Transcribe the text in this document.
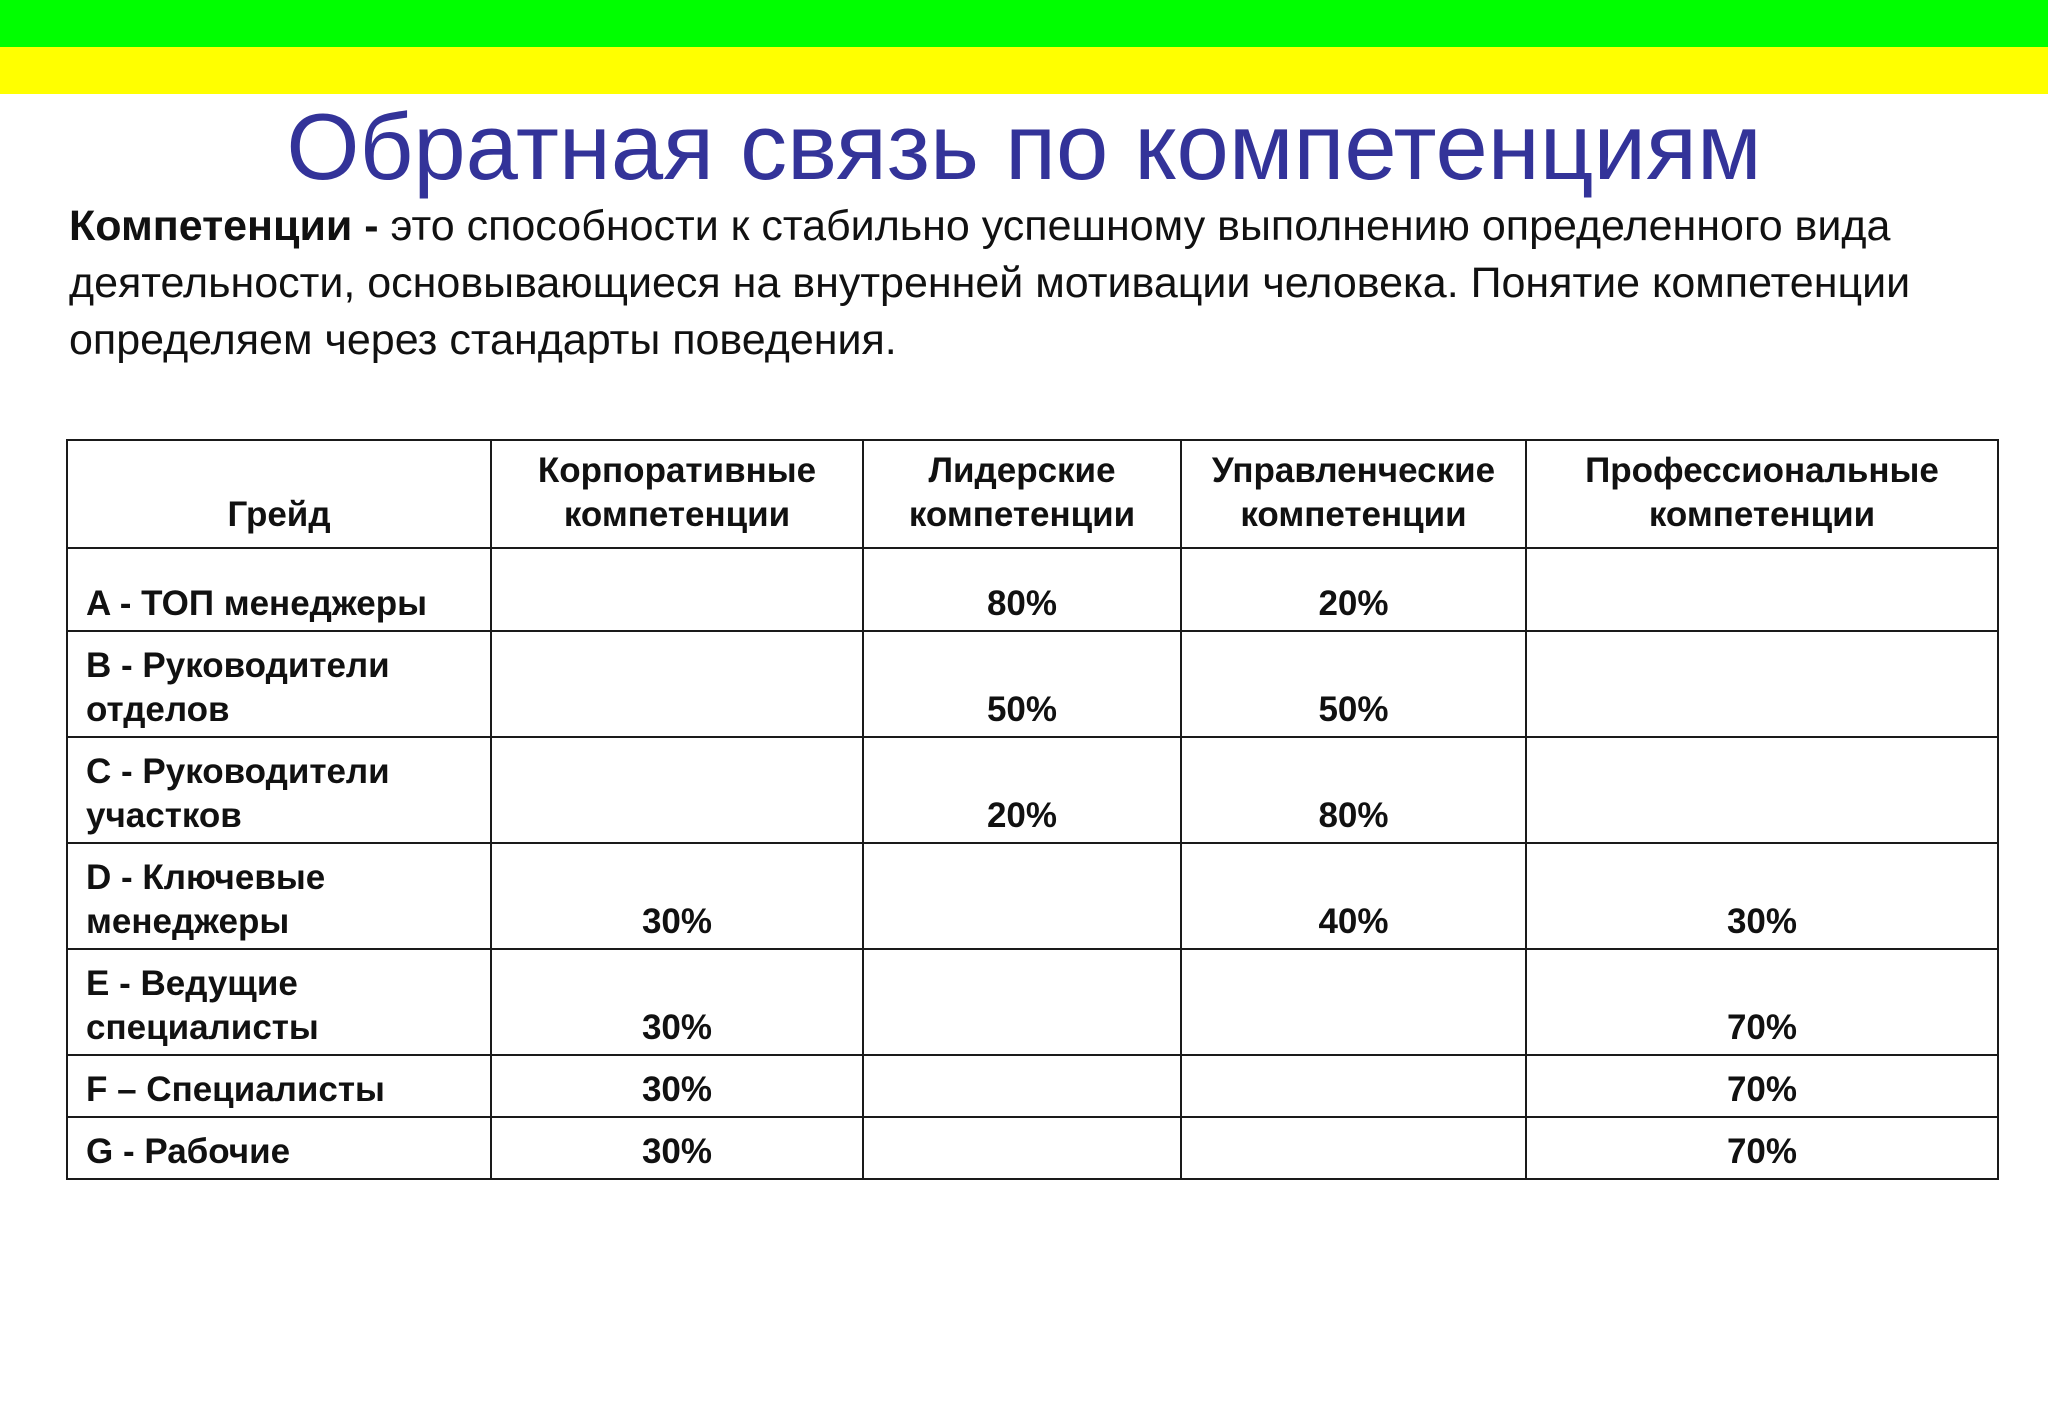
Обратная связь по компетенциям
Компетенции - это способности к стабильно успешному выполнению определенного вида деятельности, основывающиеся на внутренней мотивации человека. Понятие компетенции определяем через стандарты поведения.
Грейд	Корпоративные компетенции	Лидерские компетенции	Управленческие компетенции	Профессиональные компетенции
A - ТОП менеджеры		80%	20%	
B - Руководители отделов		50%	50%	
C - Руководители участков		20%	80%	
D - Ключевые менеджеры	30%		40%	30%
E - Ведущие специалисты	30%			70%
F – Специалисты	30%			70%
G - Рабочие	30%			70%
